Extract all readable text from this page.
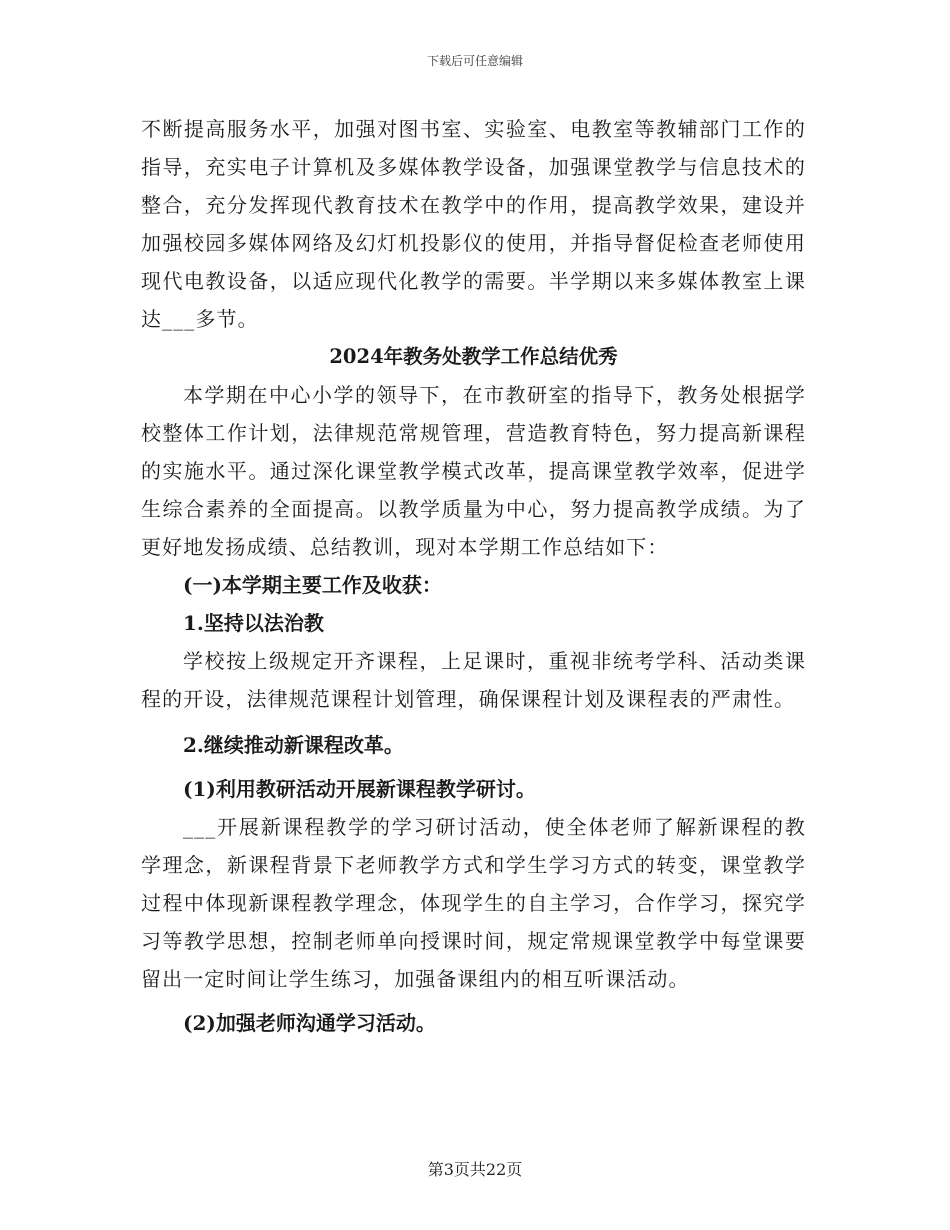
下载后可任意编辑

不断提高服务水平，加强对图书室、实验室、电教室等教辅部门工作的指导，充实电子计算机及多媒体教学设备，加强课堂教学与信息技术的整合，充分发挥现代教育技术在教学中的作用，提高教学效果，建设并加强校园多媒体网络及幻灯机投影仪的使用，并指导督促检查老师使用现代电教设备，以适应现代化教学的需要。半学期以来多媒体教室上课达___多节。

2024年教务处教学工作总结优秀

本学期在中心小学的领导下，在市教研室的指导下，教务处根据学校整体工作计划，法律规范常规管理，营造教育特色，努力提高新课程的实施水平。通过深化课堂教学模式改革，提高课堂教学效率，促进学生综合素养的全面提高。以教学质量为中心，努力提高教学成绩。为了更好地发扬成绩、总结教训，现对本学期工作总结如下：

(一)本学期主要工作及收获：

1.坚持以法治教

学校按上级规定开齐课程，上足课时，重视非统考学科、活动类课程的开设，法律规范课程计划管理，确保课程计划及课程表的严肃性。

2.继续推动新课程改革。

(1)利用教研活动开展新课程教学研讨。

___开展新课程教学的学习研讨活动，使全体老师了解新课程的教学理念，新课程背景下老师教学方式和学生学习方式的转变，课堂教学过程中体现新课程教学理念，体现学生的自主学习，合作学习，探究学习等教学思想，控制老师单向授课时间，规定常规课堂教学中每堂课要留出一定时间让学生练习，加强备课组内的相互听课活动。

(2)加强老师沟通学习活动。

第3页共22页
